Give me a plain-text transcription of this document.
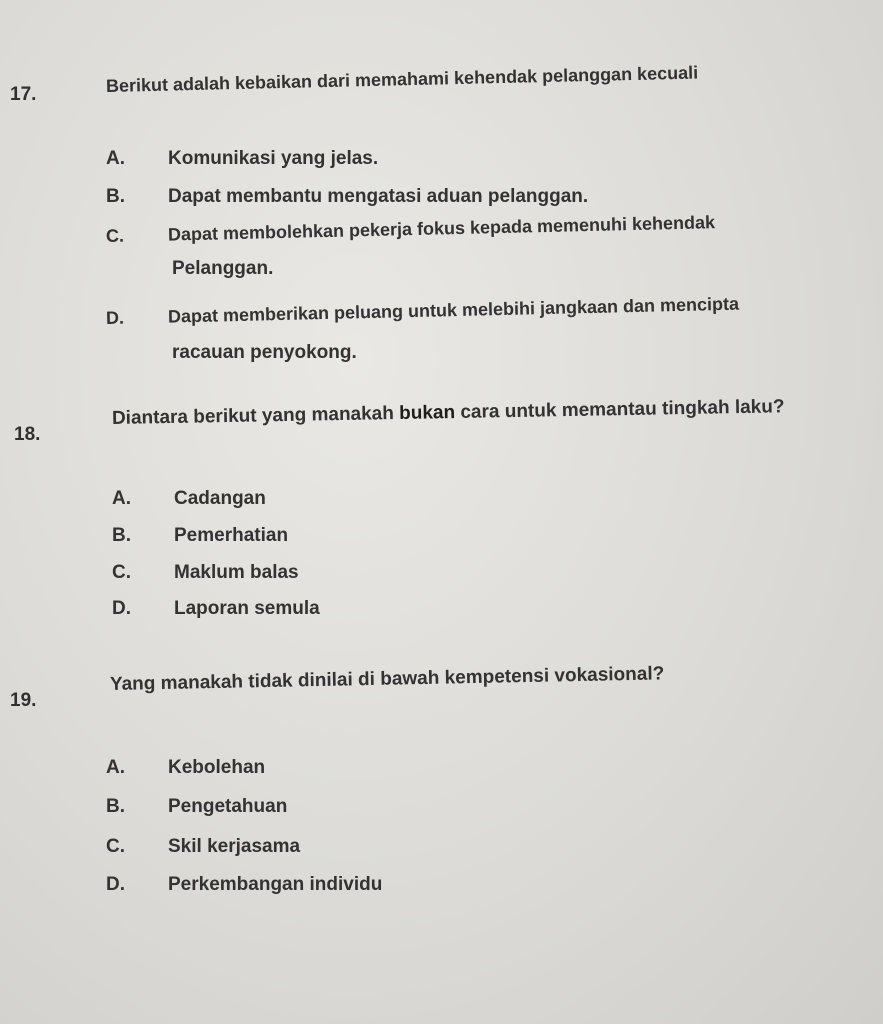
17.	Berikut adalah kebaikan dari memahami kehendak pelanggan kecuali
A. Komunikasi yang jelas.
B. Dapat membantu mengatasi aduan pelanggan.
C. Dapat membolehkan pekerja fokus kepada memenuhi kehendak
Pelanggan.
D. Dapat memberikan peluang untuk melebihi jangkaan dan mencipta
racauan penyokong.
18.
Diantara berikut yang manakah bukan cara untuk memantau tingkah laku?
A. Cadangan
B. Pemerhatian
C. Maklum balas
D. Laporan semula
19.
Yang manakah tidak dinilai di bawah kempetensi vokasional?
A. Kebolehan
B. Pengetahuan
C. Skil kerjasama
D. Perkembangan individu
